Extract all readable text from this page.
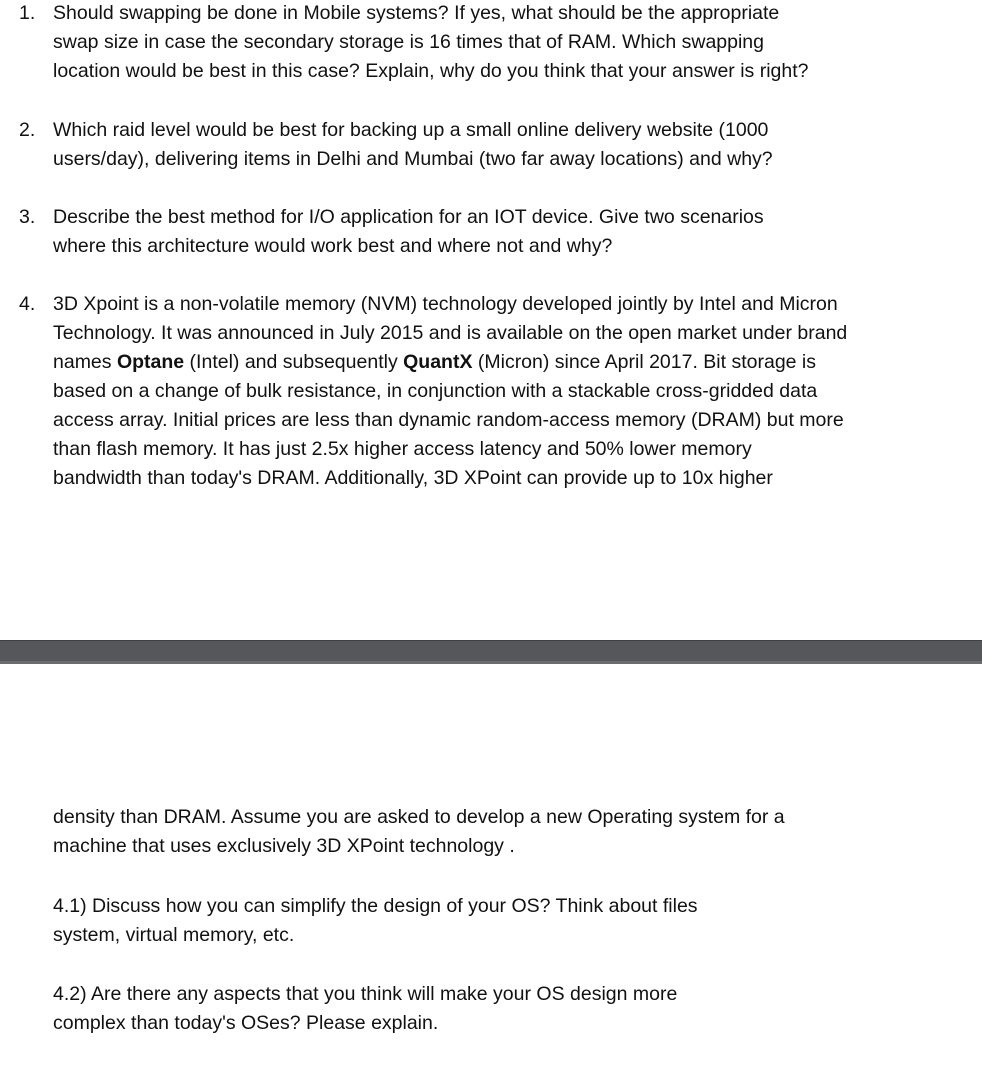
1. Should swapping be done in Mobile systems? If yes, what should be the appropriate
swap size in case the secondary storage is 16 times that of RAM. Which swapping
location would be best in this case? Explain, why do you think that your answer is right?
2. Which raid level would be best for backing up a small online delivery website (1000
users/day), delivering items in Delhi and Mumbai (two far away locations) and why?
3. Describe the best method for I/O application for an IOT device. Give two scenarios
where this architecture would work best and where not and why?
4. 3D Xpoint is a non-volatile memory (NVM) technology developed jointly by Intel and Micron
Technology. It was announced in July 2015 and is available on the open market under brand
names Optane (Intel) and subsequently QuantX (Micron) since April 2017. Bit storage is
based on a change of bulk resistance, in conjunction with a stackable cross-gridded data
access array. Initial prices are less than dynamic random-access memory (DRAM) but more
than flash memory. It has just 2.5x higher access latency and 50% lower memory
bandwidth than today's DRAM. Additionally, 3D XPoint can provide up to 10x higher
density than DRAM. Assume you are asked to develop a new Operating system for a
machine that uses exclusively 3D XPoint technology .
4.1) Discuss how you can simplify the design of your OS? Think about files
system, virtual memory, etc.
4.2) Are there any aspects that you think will make your OS design more
complex than today's OSes? Please explain.
